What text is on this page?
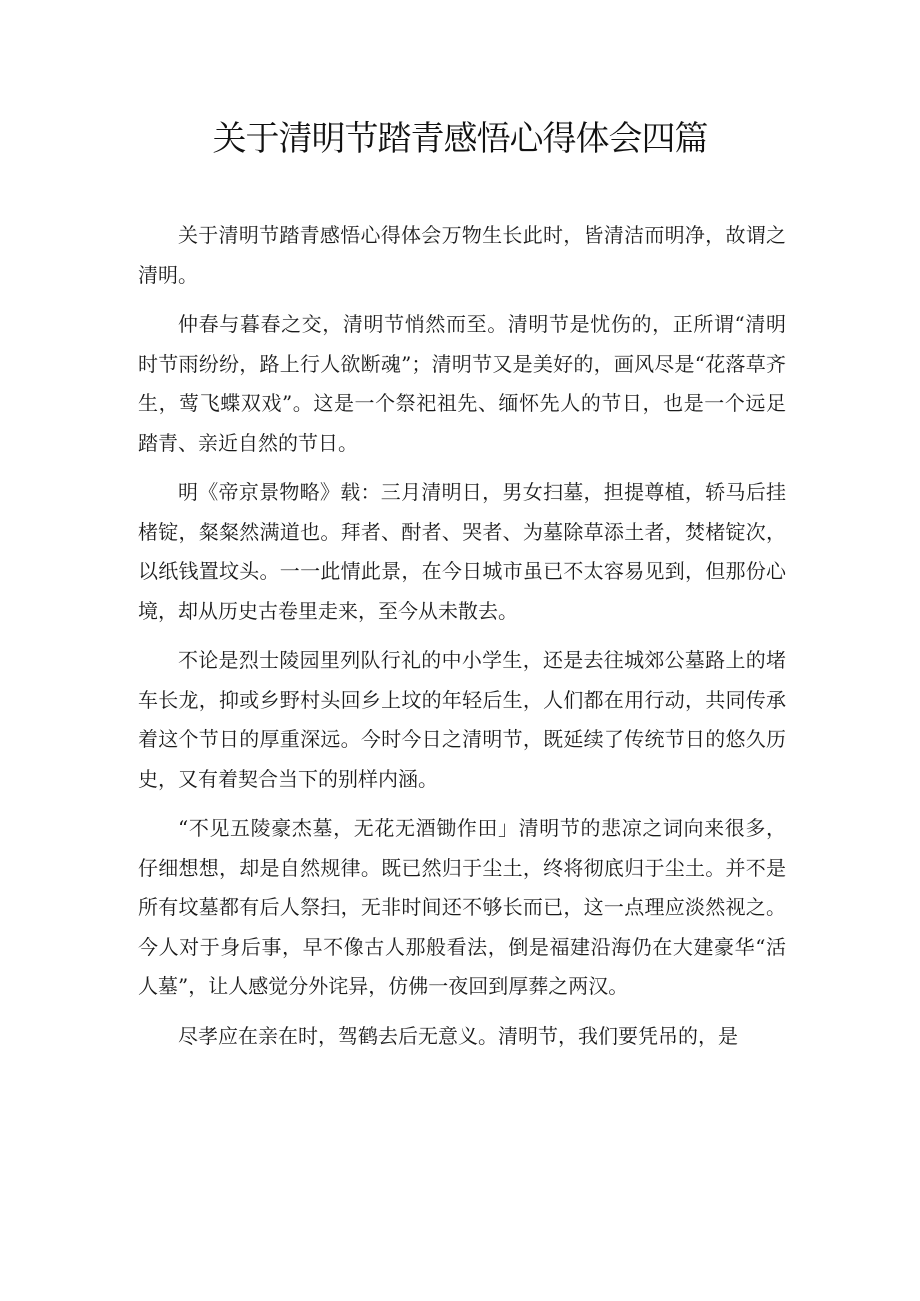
关于清明节踏青感悟心得体会四篇

关于清明节踏青感悟心得体会万物生长此时，皆清洁而明净，故谓之清明。

仲春与暮春之交，清明节悄然而至。清明节是忧伤的，正所谓“清明时节雨纷纷，路上行人欲断魂”；清明节又是美好的，画风尽是“花落草齐生，莺飞蝶双戏”。这是一个祭祀祖先、缅怀先人的节日，也是一个远足踏青、亲近自然的节日。

明《帝京景物略》载：三月清明日，男女扫墓，担提尊植，轿马后挂楮锭，粲粲然满道也。拜者、酎者、哭者、为墓除草添土者，焚楮锭次，以纸钱置坟头。一一此情此景，在今日城市虽已不太容易见到，但那份心境，却从历史古卷里走来，至今从未散去。

不论是烈士陵园里列队行礼的中小学生，还是去往城郊公墓路上的堵车长龙，抑或乡野村头回乡上坟的年轻后生，人们都在用行动，共同传承着这个节日的厚重深远。今时今日之清明节，既延续了传统节日的悠久历史，又有着契合当下的别样内涵。

“不见五陵豪杰墓，无花无酒锄作田」清明节的悲凉之词向来很多，仔细想想，却是自然规律。既已然归于尘土，终将彻底归于尘土。并不是所有坟墓都有后人祭扫，无非时间还不够长而已，这一点理应淡然视之。今人对于身后事，早不像古人那般看法，倒是福建沿海仍在大建豪华“活人墓”，让人感觉分外诧异，仿佛一夜回到厚葬之两汉。

尽孝应在亲在时，驾鹤去后无意义。清明节，我们要凭吊的，是
